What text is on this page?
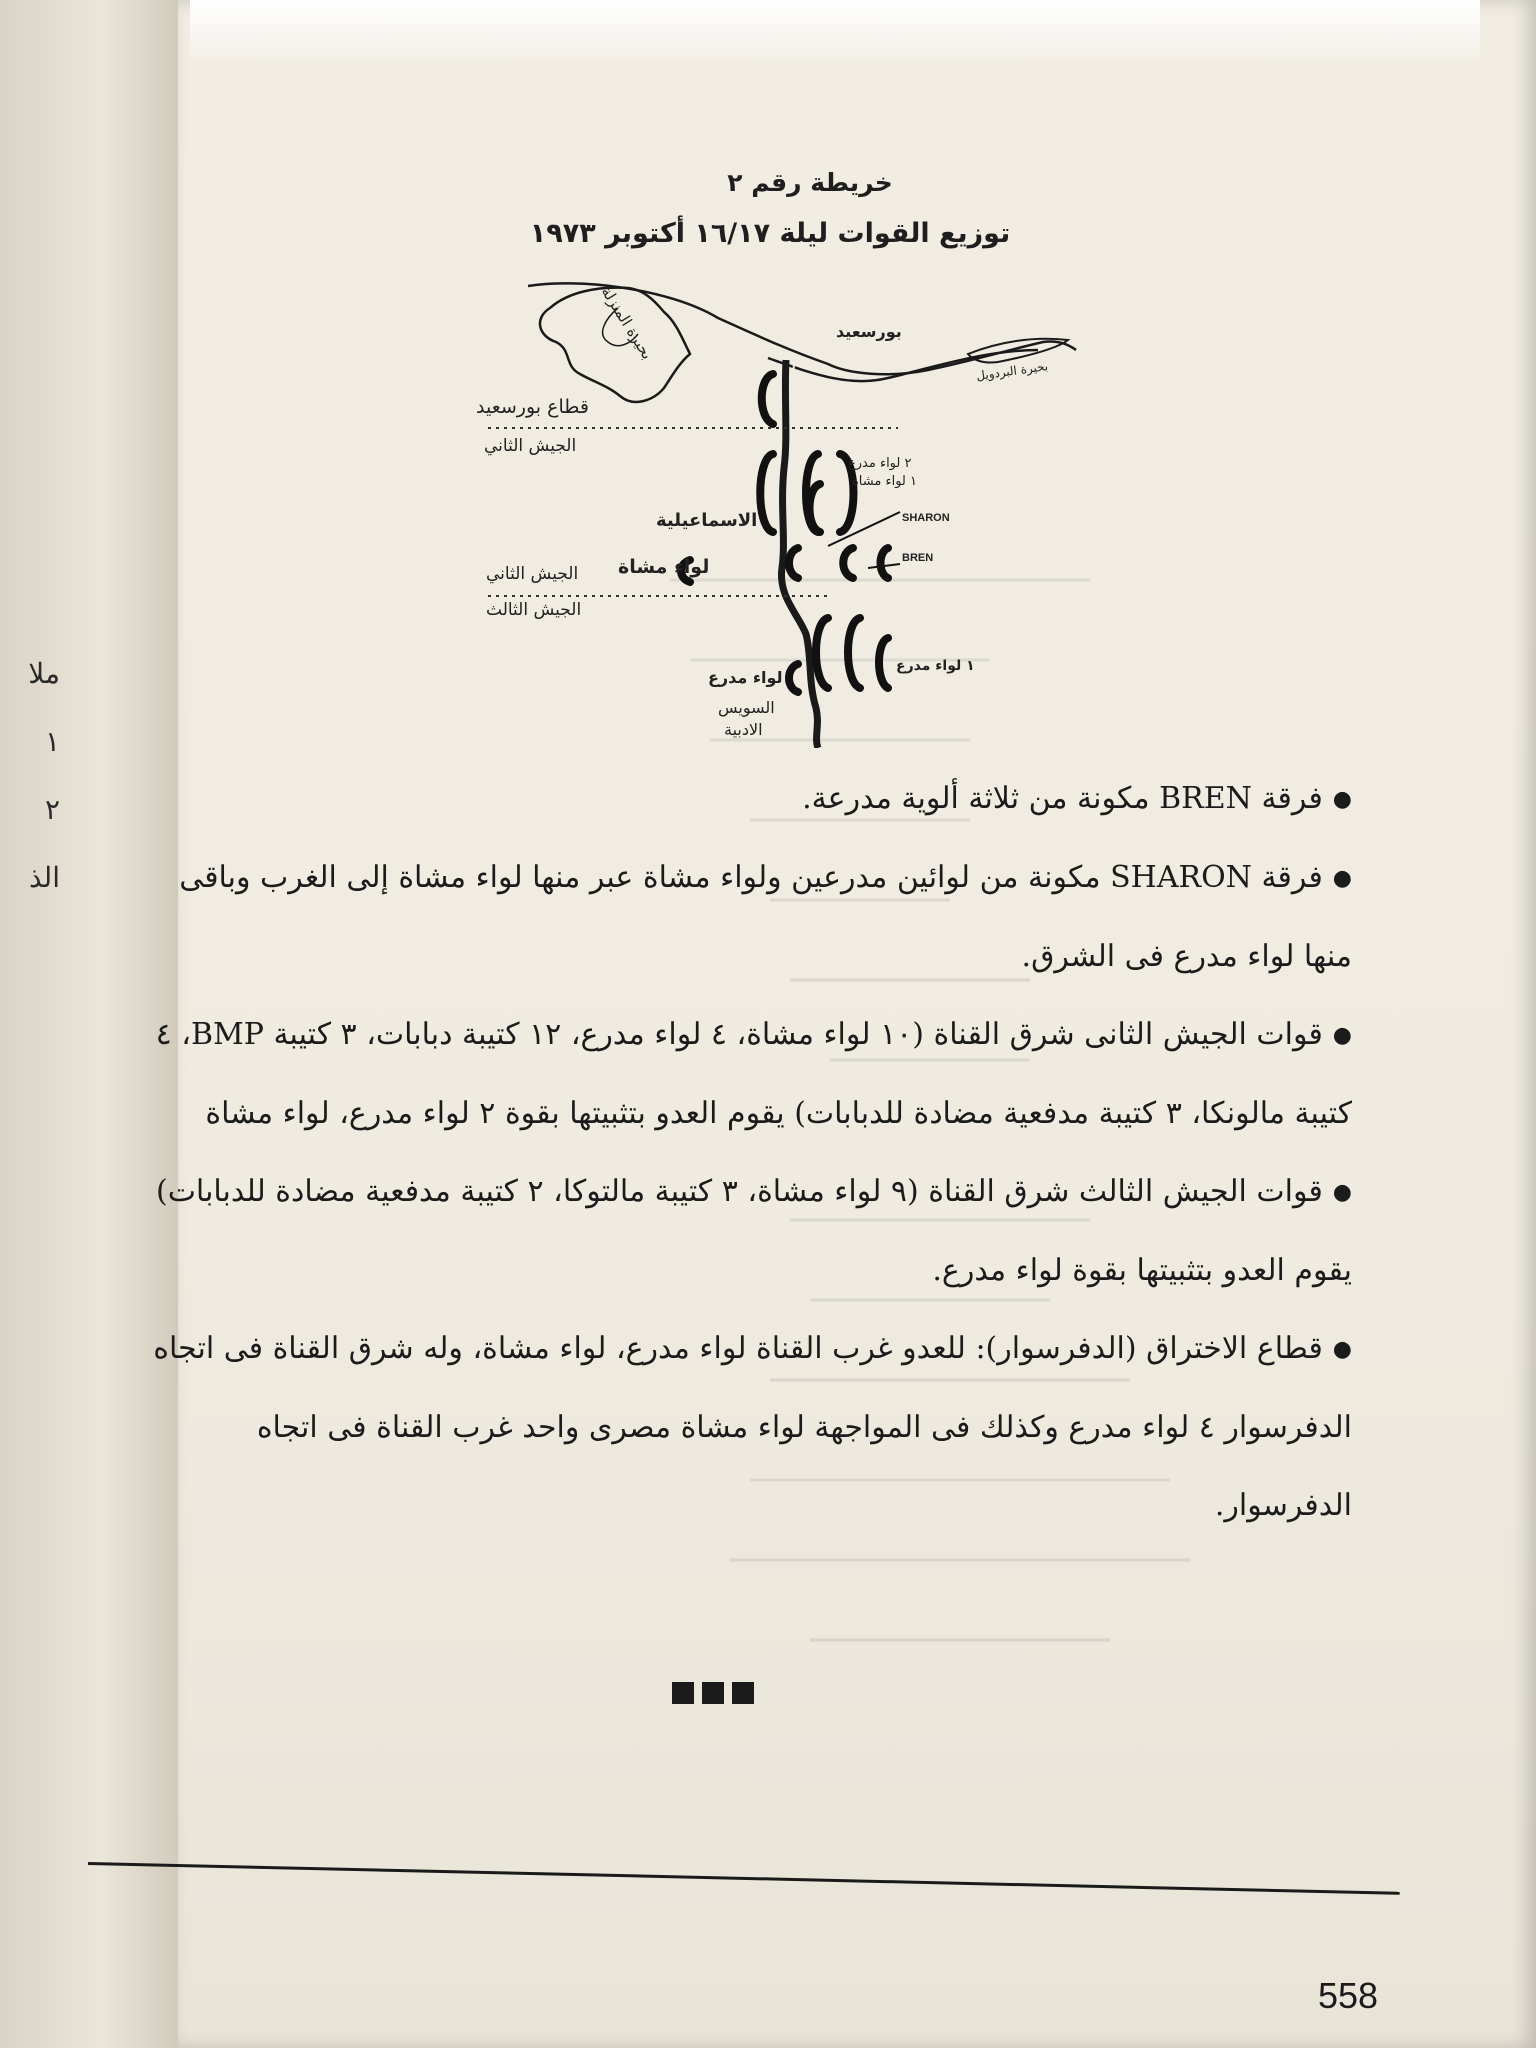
ملا
١
٢
الذ
خريطة رقم ٢
توزيع القوات ليلة ١٦/١٧ أكتوبر ١٩٧٣
بورسعيد
بحيرة المنزلة
بحيرة البردويل
قطاع بورسعيد
الجيش الثاني
٢ لواء مدرع
١ لواء مشاة
الاسماعيلية	SHARON
BREN
لواء مشاة
الجيش الثاني
الجيش الثالث
١ لواء مدرع
لواء مدرع
السويس
الادبية
●فرقة BREN مكونة من ثلاثة ألوية مدرعة.
●فرقة SHARON مكونة من لوائين مدرعين ولواء مشاة عبر منها لواء مشاة إلى الغرب وباقى منها لواء مدرع فى الشرق.
●قوات الجيش الثانى شرق القناة (١٠ لواء مشاة، ٤ لواء مدرع، ١٢ كتيبة دبابات، ٣ كتيبة BMP، ٤ كتيبة مالونكا، ٣ كتيبة مدفعية مضادة للدبابات) يقوم العدو بتثبيتها بقوة ٢ لواء مدرع، لواء مشاة
●قوات الجيش الثالث شرق القناة (٩ لواء مشاة، ٣ كتيبة مالتوكا، ٢ كتيبة مدفعية مضادة للدبابات) يقوم العدو بتثبيتها بقوة لواء مدرع.
●قطاع الاختراق (الدفرسوار): للعدو غرب القناة لواء مدرع، لواء مشاة، وله شرق القناة فى اتجاه الدفرسوار ٤ لواء مدرع وكذلك فى المواجهة لواء مشاة مصرى واحد غرب القناة فى اتجاه الدفرسوار.
558
